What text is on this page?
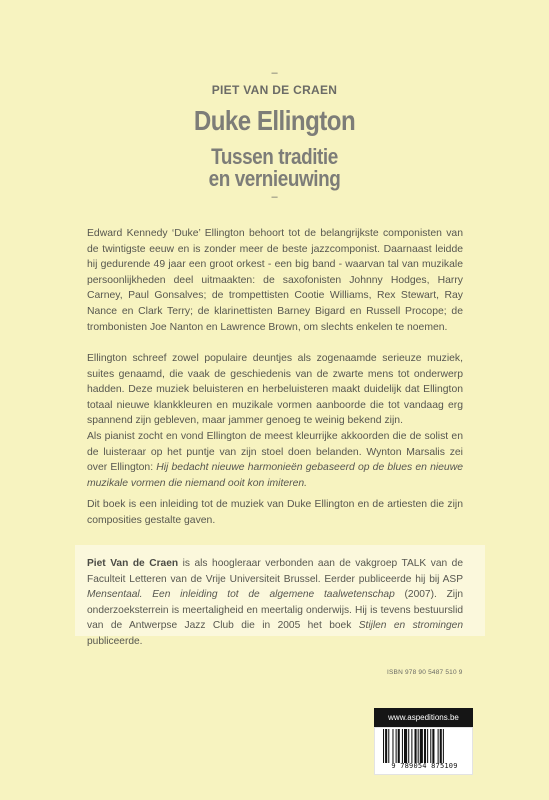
–
PIET VAN DE CRAEN
Duke Ellington
Tussen traditie
en vernieuwing
–

Edward Kennedy ‘Duke’ Ellington behoort tot de belangrijkste componisten van de twintigste eeuw en is zonder meer de beste jazzcomponist. Daarnaast leidde hij gedurende 49 jaar een groot orkest - een big band - waarvan tal van muzikale persoonlijkheden deel uitmaakten: de saxofonisten Johnny Hodges, Harry Carney, Paul Gonsalves; de trompettisten Cootie Williams, Rex Stewart, Ray Nance en Clark Terry; de klarinettisten Barney Bigard en Russell Procope; de trombonisten Joe Nanton en Lawrence Brown, om slechts enkelen te noemen.

Ellington schreef zowel populaire deuntjes als zogenaamde serieuze muziek, suites genaamd, die vaak de geschiedenis van de zwarte mens tot onderwerp hadden. Deze muziek beluisteren en herbeluisteren maakt duidelijk dat Ellington totaal nieuwe klankkleuren en muzikale vormen aanboorde die tot vandaag erg spannend zijn gebleven, maar jammer genoeg te weinig bekend zijn.

Als pianist zocht en vond Ellington de meest kleurrijke akkoorden die de solist en de luisteraar op het puntje van zijn stoel doen belanden. Wynton Marsalis zei over Ellington: Hij bedacht nieuwe harmonieën gebaseerd op de blues en nieuwe muzikale vormen die niemand ooit kon imiteren.

Dit boek is een inleiding tot de muziek van Duke Ellington en de artiesten die zijn composities gestalte gaven.

Piet Van de Craen is als hoogleraar verbonden aan de vakgroep TALK van de Faculteit Letteren van de Vrije Universiteit Brussel. Eerder publiceerde hij bij ASP Mensentaal. Een inleiding tot de algemene taalwetenschap (2007). Zijn onderzoeksterrein is meertaligheid en meertalig onderwijs. Hij is tevens bestuurslid van de Antwerpse Jazz Club die in 2005 het boek Stijlen en stromingen publiceerde.
ISBN 978 90 5487 510 9
www.aspeditions.be
9 789054 875109
